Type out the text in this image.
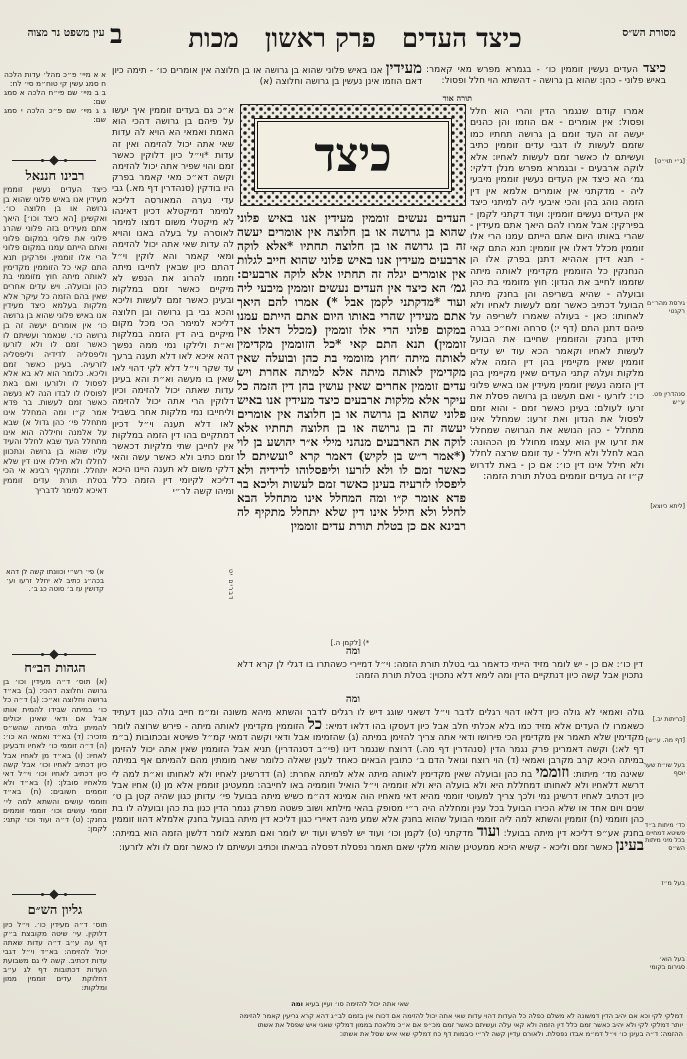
עין משפט נר מצוה ב	כיצד העדים
פרק ראשון
מכות	מסורת הש״ס
א א מיי׳ פ״כ מהל׳ עדות הלכה ח סמג עשין קי טוח״מ סי׳ לח:
ב ב מיי׳ שם פי״ח הלכה א סמג שם:
ג ג מיי׳ שם פ״כ הלכה י סמג שם:
רבינו חננאל
כיצד העדים נעשין זוממין מעידין אנו באיש פלוני שהוא בן גרושה או בן חלוצה כו׳. ואקשינן [הא כיצד וכו׳] היאך אתם מעידים בזה פלוני שהרג פלוני את פלוני במקום פלוני ואתם הייתם עמנו במקום פלוני הרי אלו זוממין. ופרקינן תנא התם קאי כל הזוממין מקדימין לאותה מיתה חוץ מזוממי בת כהן ובועלה. ויש עדים אחרים שאין בהם הזמה כל עיקר אלא מלקות בעלמא כיצד מעידין אנו באיש פלוני שהוא בן גרושה כו׳ אין אומרים יעשה זה בן גרושה כו׳. שנאמר ועשיתם לו כאשר זמם לו ולא לזרעו וליפסליה לדידיה וליפסליה לזרעיה. בעינן כאשר זמם וליכא. כלומר הוא לא בא אלא לפסול לו ולזרעו ואם באת לפוסלו לו לבדו הנה לא נעשה כאשר זמם לעשות. בר פדא אמר ק״ו ומה המחלל אינו מתחלל פי׳ כהן גדול א) שבא על אלמנה וחיללה הוא אינו מתחלל העד שבא לחלל והעיד עליו שהוא בן גרושה ונתכוון לחללו ולא חיללו אינו דין שלא יתחלל. ומתקיף רבינא אי הכי בטלת תורת עדים זוממין דאיכא למימר לדבריך
א) פי׳ רש״י וכוונתו קשה לן דהא בכה״ג כתיב לא יחלל זרעו וע׳ קדושין עז ב׳ סוטה כג ב׳.
הגהות הב״ח
(א) תוס׳ ד״ה מעידין וכו׳ בן גרושה וחלוצה דהכי: (ב) בא״ד גרושה וחלוצה וא״כ: (ג) ד״ה כל כו׳ במיתה שבידו להמית אותו אבל אם ודאי שאינן יכולים להמיתן בלתי המיתה שהש״ס מזכיר: (ד) בא״ד ואמאי הא כו׳: (ה) ד״ה זוממי כו׳ לאחיו ודבעינן לאחיו: (ו) בא״ד מן לאחיו אבל כיון דכתיב לאחיו וכו׳ אבל קשה כיון דכתיב לאחיו וכו׳ וי״ל דאי מלאחיו סובלן: (ז) בא״ד ולא זוממים חשובים: (ח) בא״ד וזוממי עושים והשתא למה לי׳ זוממי עושים וכו׳ זוממי זוממים בחנק: (ט) ד״ה ועוד וכו׳ קתני: לקמן:
גליון הש״ם
תוס׳ ד״ה מעידין כו׳. וי״ל כיון דלוקין. עי׳ שיטה מקובצת ב״ק דף עה ע״ב ד״ה עדות שאתה יכול להזימה: בא״ד וי״ל דגבי עדות דכתיב. קשה לי גם משבועת העדות דכתובות דף לג ע״ב דחלוקת עדים זוממין ממון ומלקות:
מעידין אנו באיש פלוני שהוא בן גרושה או בן חלוצה אין אומרים כו׳ - תימה כיון דאם הוזמו אינן נעשין בן גרושה וחלוצה (א)
כיצד העדים נעשין זוממין כו׳ - בגמרא מפרש מאי קאמר: באיש פלוני - כהן: שהוא בן גרושה - דהשתא הוי חלל ופסול:
תורה אור
א״כ גם בעדים זוממין איך יעשו על פיהם בן גרושה דהכי הוא האמת ואמאי הא הויא לה עדות שאי אתה יכול להזימה ואין זה עדות *וי״ל כיון דלוקין כאשר זמם והוי שפיר אתה יכול להזימה וקשה דא״כ מאי קאמר בפרק היו בודקין (סנהדרין דף מא.) גבי עדי נערה המאורסה דליכא למימר דמיקטלא דכיון דאינהו לא מיקטלי משום דמצו למימר לאוסרה על בעלה באנו והויא לה עדות שאי אתה יכול להזימה ומאי קאמר והא לוקין וי״ל דהתם כיון שבאין לחייבו מיתה וזממו להרוג את הנפש לא מיקיים כאשר זמם במלקות ובעינן כאשר זמם לעשות וליכא והכא גבי בן גרושה ובן חלוצה דליכא למימר הכי מכל מקום מיקיים ביה דין הזמה במלקות וא״ת ולילקו נמי ממה נפשך דהא איכא לאו דלא תענה ברעך עד שקר וי״ל דלא לקי דהוי לאו שאין בו מעשה וא״ת והא בעינן עדות שאתה יכול להזימה וכיון דלוקין הרי אתה יכול להזימה וליחייבו נמי מלקות אחר בשביל לאו דלא תענה וי״ל דכיון דמתקיים בהו דין הזמה במלקות אין לחייבן שתי מלקיות דכאשר זמם כתיב ולא כאשר עשה והאי דלקי משום לא תענה היינו היכא דליכא לקיומי דין הזמה כלל ומיהו קשה לר״י
כיצד
העדים נעשים זוממין מעידין אנו באיש פלוני שהוא בן גרושה או בן חלוצה אין אומרים יעשה זה בן גרושה או בן חלוצה תחתיו *אלא לוקה ארבעים מעידין אנו באיש פלוני שהוא חייב לגלות אין אומרים יגלה זה תחתיו אלא לוקה ארבעים: גמ׳ הא כיצד אין העדים נעשים זוממין מיבעי ליה ועוד *מדקתני לקמן אבל *) אמרו להם היאך אתם מעידין שהרי באותו היום אתם הייתם עמנו במקום פלוני הרי אלו זוממין (מכלל דאלו אין זוממין) תנא התם קאי *כל הזוממין מקדימין לאותה מיתה ׳חוץ מזוממי בת כהן ובועלה שאין מקדימין לאותה מיתה אלא למיתה אחרת ויש עדים זוממין אחרים שאין עושין בהן דין הזמה כל עיקר אלא מלקות ארבעים כיצד מעידין אנו באיש פלוני שהוא בן גרושה או בן חלוצה אין אומרים יעשה זה בן גרושה או בן חלוצה תחתיו אלא לוקה את הארבעים מנהני מילי א״ר יהושע בן לוי (*אמר ר״ש בן לקיש) דאמר קרא °ועשיתם לו כאשר זמם לו ולא לזרעו וליפסלוהו לדידיה ולא ליפסלו לזרעיה בעינן כאשר זמם לעשות וליכא בר פדא אומר ק״ו ומה המחלל אינו מתחלל הבא לחלל ולא חילל אינו דין שלא יתחלל מתקיף לה רבינא אם כן בטלת תורת עדים זוממין
*) [לקמן ה.]
ומה
אמרו קודם שנגמר הדין והרי הוא חלל ופסול: אין אומרים - אם הוזמו והן כהנים יעשה זה העד זומם בן גרושה תחתיו כמו שזמם לעשות לו דגבי עדים זוממין כתיב ועשיתם לו כאשר זמם לעשות לאחיו: אלא לוקה ארבעים - ובגמרא מפרש מנלן דלקי: גמ׳ הא כיצד אין העדים נעשין זוממין מיבעי ליה - מדקתני אין אומרים אלמא אין דין הזמה נוהג בהן והכי איבעי ליה למיתני כיצד אין העדים נעשים זוממין: ועוד דקתני לקמן - בפירקין: אבל אמרו להם היאך אתם מעידין - שהרי באותו היום אתם הייתם עמנו הרי אלו זוממין מכלל דאלו אין זוממין: תנא התם קאי - תנא דידן אההיא דתנן בפרק אלו הן הנחנקין כל הזוממין מקדימין לאותה מיתה שזממו לחייב את הנדון: חוץ מזוממי בת כהן ובועלה - שהיא בשריפה והן בחנק מיתת הבועל דכתיב כאשר זמם לעשות לאחיו ולא לאחותו: כאן - בעולה שאמרו לשריפה על פיהם דתנן התם (דף י:) סרחה ואח״כ בגרה תידון בחנק והזוממין שחייבו את הבועל לעשות לאחיו וקאמר הכא עוד יש עדים זוממין שאין מקיימין בהן דין הזמה אלא מלקות ועלה קתני העדים שאין מקיימין בהן דין הזמה נעשין זוממין מעידין אנו באיש פלוני כו׳: לזרעו - ואם תעשנו בן גרושה פסלת את זרעו לעולם: בעינן כאשר זמם - והוא זמם לפסול את הנדון ואת זרעו: שמחלל אינו מתחלל - כהן הנושא את הגרושה שמחלל את זרעו אין הוא עצמו מחולל מן הכהונה: הבא לחלל ולא חילל - עד זומם שרצה לחלל ולא חילל אינו דין כו׳: אם כן - באת לדרוש ק״ו זה בעדים זוממים בטלת תורת הזמה:
דין כו׳: אם כן - יש לומר מזיד הייתי כדאמר גבי בטלת תורת הזמה: וי״ל דמיירי כשהתרו בו דגלי לן קרא דלא נתכוין אבל קשה כיון דנתקיים הדין ומה לימא דלא נתכוין: בטלת תורת הזמה:
ומה
גולה ואמאי לא גולה כיון דלאו דהוי רגלים לדבר וי״ל דשאני שוגג דיש לו רגלים לדבר והשתא מיהא משונה ומ״מ חייב גולה כגון דעתיד כשאמרו לו העדים אלא מזיד כמו בלא אכלתי חלב אבל כיון דעסקו בהו דלאו דמיא: כל הזוממין מקדימין לאותה מיתה - פירש שרוצה לומר מקדימין שלא תאמר אין מקדימין הכי פירושו ודאי אתה צריך להזימן במיתה (ג) שהזמימו אבל ודאי וקשה דמאי קמ״ל פשיטא ובכתובות (ב״מ דף לא:) וקשה דאמרינן פרק נגמר הדין (סנהדרין דף מה.) דרוצח שנגמר דינו (פי״ב דסנהדרין) תניא אבל הזוממין שאין אתה יכול להזימן במיתה היכא קרב מקרבן ואמאי (ד) הוי רוצח וגואל הדם ב׳ כתובין הבאים כאחד לענין שאלה כלומר שאר מומתין מהם להמיתם אף במיתה שאינה מד׳ מיתות: וזוממי בת כהן ובועלה שאין מקדימין לאותה מיתה אלא למיתה אחרת: (ה) דדרשינן לאחיו ולא לאחותו וא״ת למה לי דרשא דלאחיו ולא לאחותו דמחללת היא ולא בועלה היא ולא זוממיה וי״ל הואיל וזוממיה באו לחייבה: ממעטינן זוממין אלא מן (ו) אחיו אבל כיון דכתיב לאחיו דרשינן נמי ולכך צריך למעוטי זוממי מהיא דאי מאחיו הוה אמינא דה״מ כשיש מיתה בבועל פי׳ עדותן כגון שהיה קטן בן ט׳ שנים ויום אחד או שלא הכירו הבועל בכל ענין ומחללה היה ר״י מסופק בהאי מילתא ושוב פשטה מפרק נגמר הדין כגון בת כהן ובועלה לו בת כהן וזוממי (ח) זוממין והשתא למה ליה זוממי הבועל שהוא בחנק אלא שמע מינה דאיירי כגון דליכא דין מיתה בבועל בחנק אלמלא דהוו זוממין בחנק אע״פ דליכא דין מיתה בבועל: ועוד מדקתני (ט) לקמן וכו׳ ועוד יש לפרש ועוד יש לומר ואם תמצא לומר דלשון הזמה הוא במיתה: בעינן כאשר זמם וליכא - קשיא היכא ממעטינן שהוא מלקי שאם תאמר נפסלת דפסלה בביאתו וכתיב ועשיתם לו כאשר זמם לו ולא לזרעו:
שאי אתה יכול להזימה סו׳ ועיין בעיא ומה
דמלקי לקי וכא אם יהיב הדין דמשונה לא משלם כפלה כל העדות דהוי עדות שאי אתה יכול להזימה אם דכוח אין בזמם לב״ג דהא קרא גריעין קאמר להזימה
יותר דמלקי לקי ולא יהיב כאשר זמם כלל דין הזמה ולא קאי עלה ועשיתם כאשר זמם מכ״פ אם א״כ מלאכת בממון דמלקי שאני איש שפסל את אשתו
ההזמה: ד״ה בעינן כו׳ וי״ל דמ״מ אבדו נפסלת. ולאורם עדיין קשה לר״י כיבמות דף כח דמלקי שאי איש שסל את אשתו:
[ג״י תוי״ט]
גירסת מהר״ם רקנטי
סנהדרין פט. ע״ש
[ליתא כיוצא]
[כריתות יב.]
[דף מה. ע״ש]
בעל שו״ת שער יוסף
כד׳ מיתות ב״ד פשיטא דמחיים בכל מיני מיתות הש״ס
בעל מ״ז
בעל הוא׳ סגירום בקומי
דברים יט
